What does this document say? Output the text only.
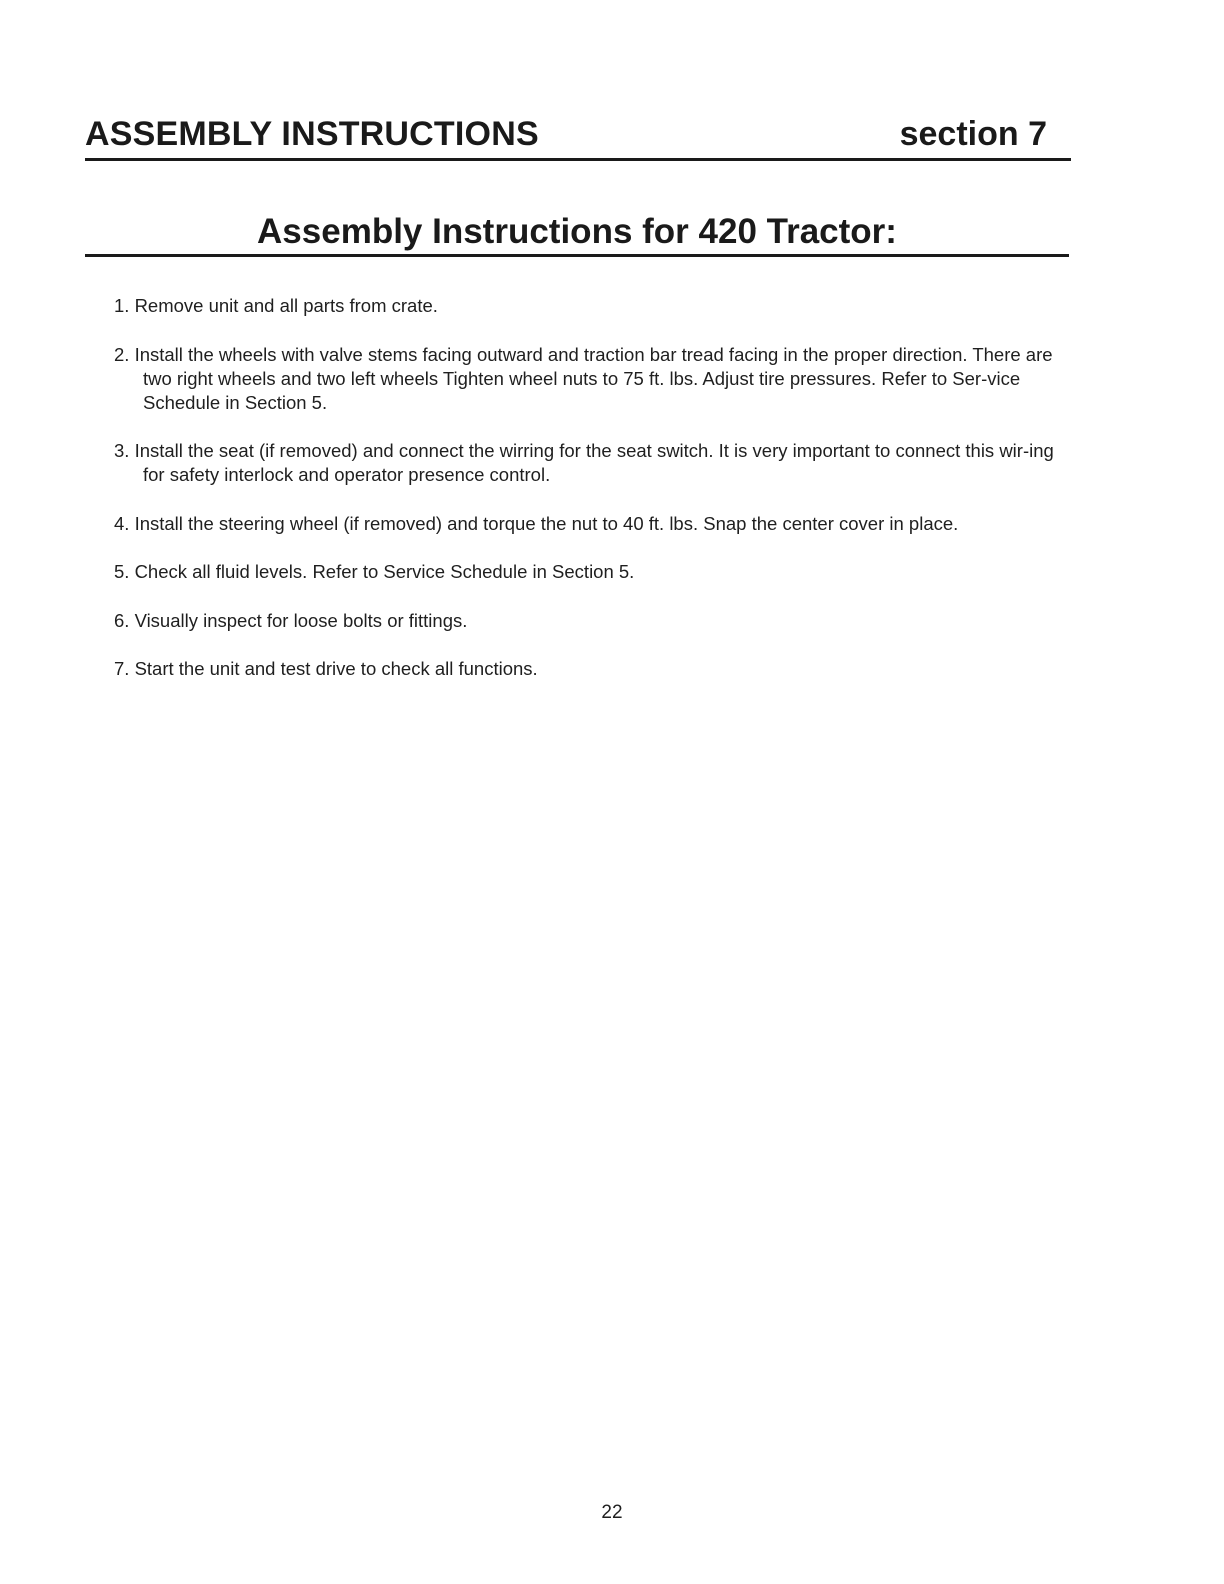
ASSEMBLY INSTRUCTIONS	section 7
Assembly Instructions for 420 Tractor:
1. Remove unit and all parts from crate.
2. Install the wheels with valve stems facing outward and traction bar tread facing in the proper direction. There are two right wheels and two left wheels Tighten wheel nuts to 75 ft. lbs. Adjust tire pressures. Refer to Ser-vice Schedule in Section 5.
3. Install the seat (if removed) and connect the wirring for the seat switch. It is very important to connect this wir-ing for safety interlock and operator presence control.
4. Install the steering wheel (if removed) and torque the nut to 40 ft. lbs. Snap the center cover in place.
5. Check all fluid levels. Refer to Service Schedule in Section 5.
6. Visually inspect for loose bolts or fittings.
7. Start the unit and test drive to check all functions.
22
